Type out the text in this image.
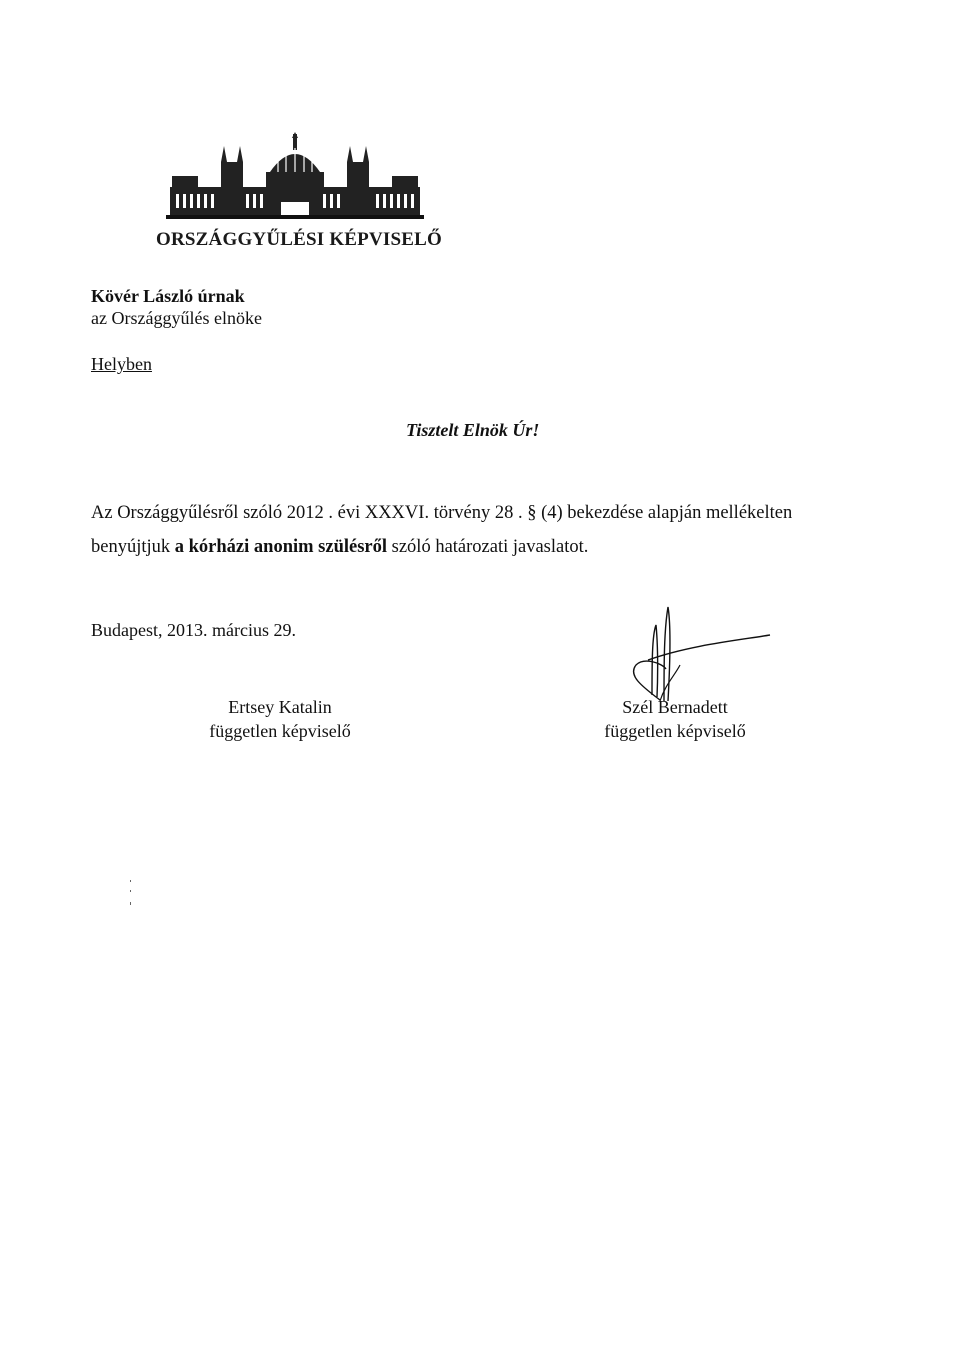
ORSZÁGGYŰLÉSI KÉPVISELŐ
Kövér László úrnak
az Országgyűlés elnöke
Helyben
Tisztelt Elnök Úr!
Az Országgyűlésről szóló 2012 . évi XXXVI. törvény 28 . § (4) bekezdése alapján mellékelten
benyújtjuk a kórházi anonim szülésről szóló határozati javaslatot.
Budapest, 2013. március 29.
Ertsey Katalin
független képviselő
Szél Bernadett
független képviselő
